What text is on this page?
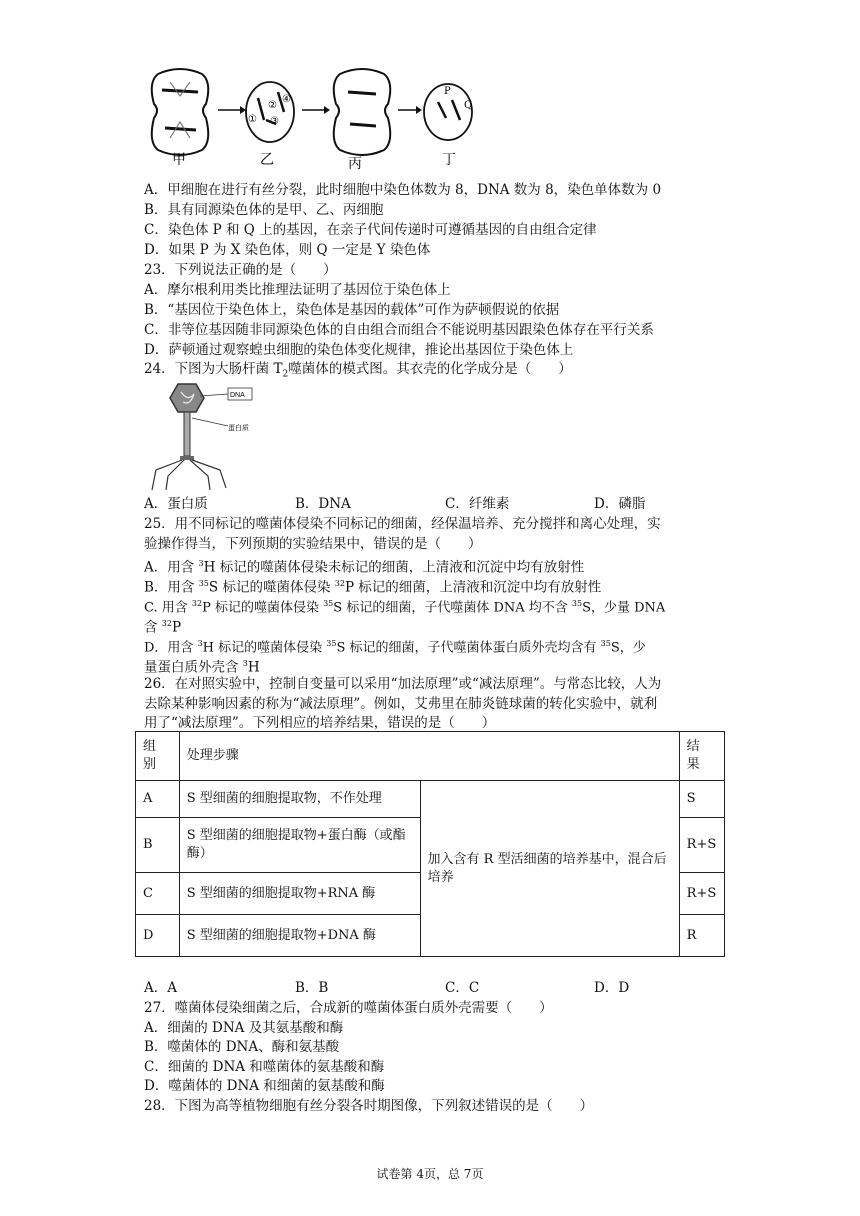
①
②
③
④
P
Q
甲	乙	丙	丁
A．甲细胞在进行有丝分裂，此时细胞中染色体数为 8，DNA 数为 8，染色单体数为 0
B．具有同源染色体的是甲、乙、丙细胞
C．染色体 P 和 Q 上的基因，在亲子代间传递时可遵循基因的自由组合定律
D．如果 P 为 X 染色体，则 Q 一定是 Y 染色体
23．下列说法正确的是（　　）
A．摩尔根利用类比推理法证明了基因位于染色体上
B．“基因位于染色体上，染色体是基因的载体”可作为萨顿假说的依据
C．非等位基因随非同源染色体的自由组合而组合不能说明基因跟染色体存在平行关系
D．萨顿通过观察蝗虫细胞的染色体变化规律，推论出基因位于染色体上
24．下图为大肠杆菌 $T_2$噬菌体的模式图。其衣壳的化学成分是（　　）
DNA
蛋白质
A．蛋白质	B．DNA	C．纤维素	D．磷脂
25．用不同标记的噬菌体侵染不同标记的细菌，经保温培养、充分搅拌和离心处理，实
验操作得当，下列预期的实验结果中，错误的是（　　）
A．用含 $^3$H 标记的噬菌体侵染未标记的细菌，上清液和沉淀中均有放射性
B．用含 $^{35}$S 标记的噬菌体侵染 $^{32}$P 标记的细菌，上清液和沉淀中均有放射性
C. 用含 $^{32}$P 标记的噬菌体侵染 $^{35}$S 标记的细菌，子代噬菌体 DNA 均不含 $^{35}$S，少量 DNA
含 $^{32}$P
D．用含 $^3$H 标记的噬菌体侵染 $^{35}$S 标记的细菌，子代噬菌体蛋白质外壳均含有 $^{35}$S，少
量蛋白质外壳含 $^3$H
26．在对照实验中，控制自变量可以采用“加法原理”或“减法原理”。与常态比较，人为
去除某种影响因素的称为“减法原理”。例如，艾弗里在肺炎链球菌的转化实验中，就利
用了“减法原理”。下列相应的培养结果，错误的是（　　）
组
别	处理步骤		结
果
A	S 型细菌的细胞提取物，不作处理	加入含有 R 型活细菌的培养基中，混合后培养	S
B	S 型细菌的细胞提取物+蛋白酶（或酯酶）		R+S
C	S 型细菌的细胞提取物+RNA 酶		R+S
D	S 型细菌的细胞提取物+DNA 酶		R
A．A	B．B	C．C	D．D
27．噬菌体侵染细菌之后，合成新的噬菌体蛋白质外壳需要（　　）
A．细菌的 DNA 及其氨基酸和酶
B．噬菌体的 DNA、酶和氨基酸
C．细菌的 DNA 和噬菌体的氨基酸和酶
D．噬菌体的 DNA 和细菌的氨基酸和酶
28．下图为高等植物细胞有丝分裂各时期图像，下列叙述错误的是（　　）
试卷第 4页，总 7页
